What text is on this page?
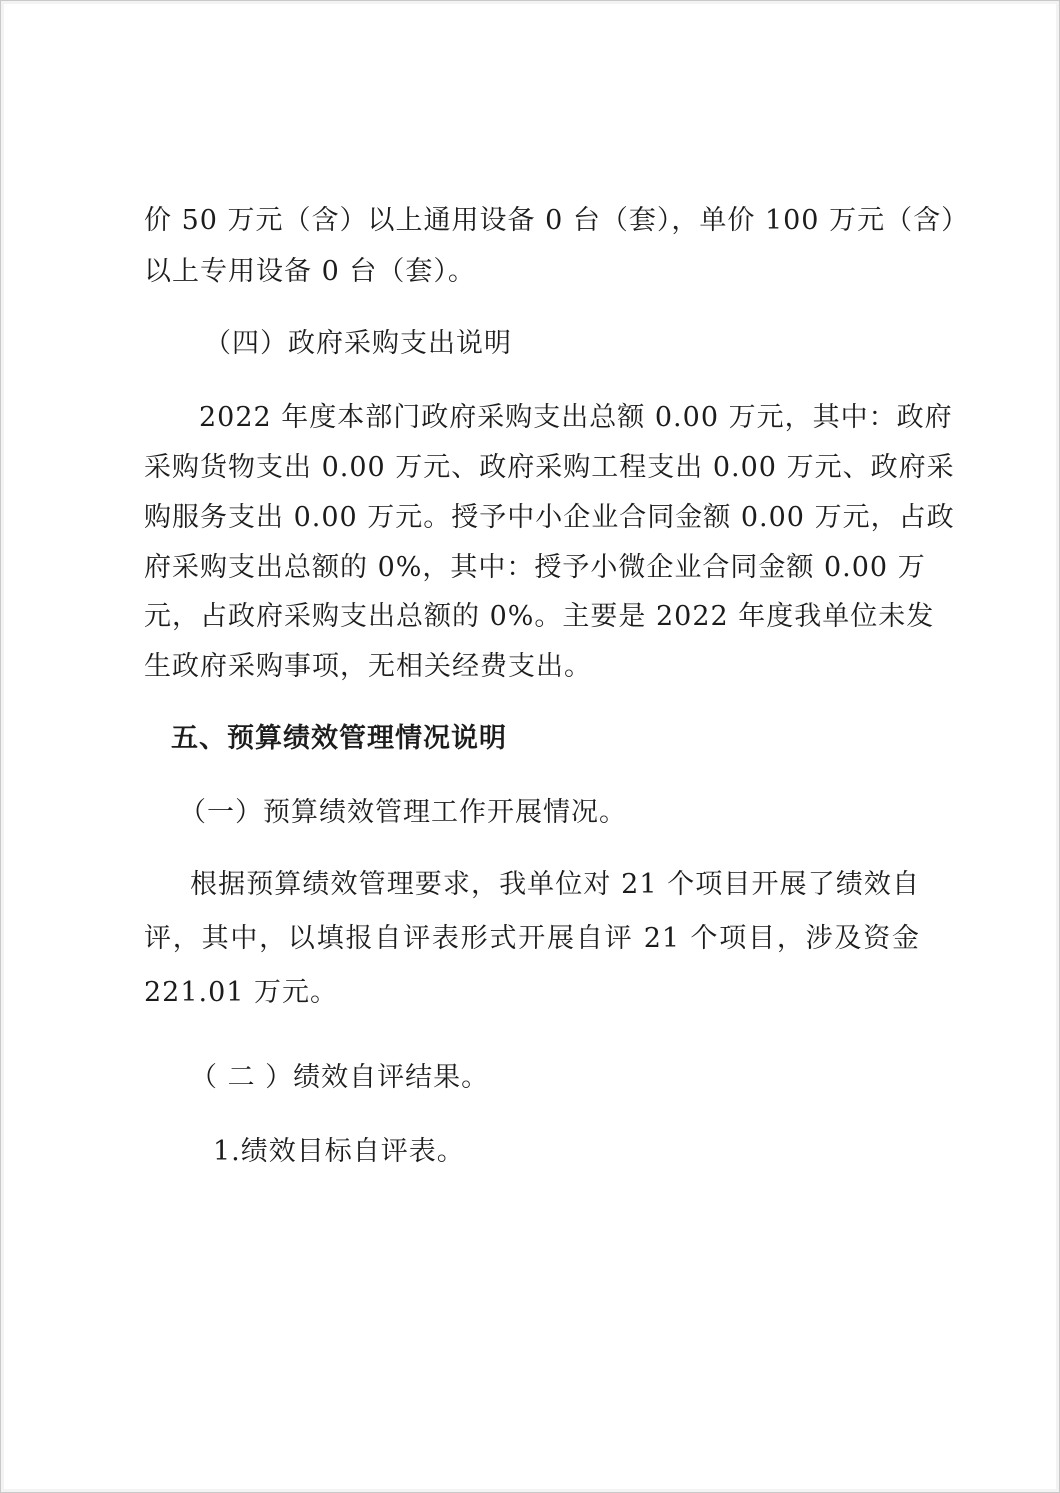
价 50 万元（含）以上通用设备 0 台（套），单价 100 万元（含）
以上专用设备 0 台（套）。
（四）政府采购支出说明
2022 年度本部门政府采购支出总额 0.00 万元，其中：政府
采购货物支出 0.00 万元、政府采购工程支出 0.00 万元、政府采
购服务支出 0.00 万元。授予中小企业合同金额 0.00 万元，占政
府采购支出总额的 0%，其中：授予小微企业合同金额 0.00 万
元，占政府采购支出总额的 0%。主要是 2022 年度我单位未发
生政府采购事项，无相关经费支出。
五、预算绩效管理情况说明
（一）预算绩效管理工作开展情况。
根据预算绩效管理要求，我单位对 21 个项目开展了绩效自
评，其中，以填报自评表形式开展自评 21 个项目，涉及资金
221.01 万元。
（ 二 ）绩效自评结果。
1.绩效目标自评表。
